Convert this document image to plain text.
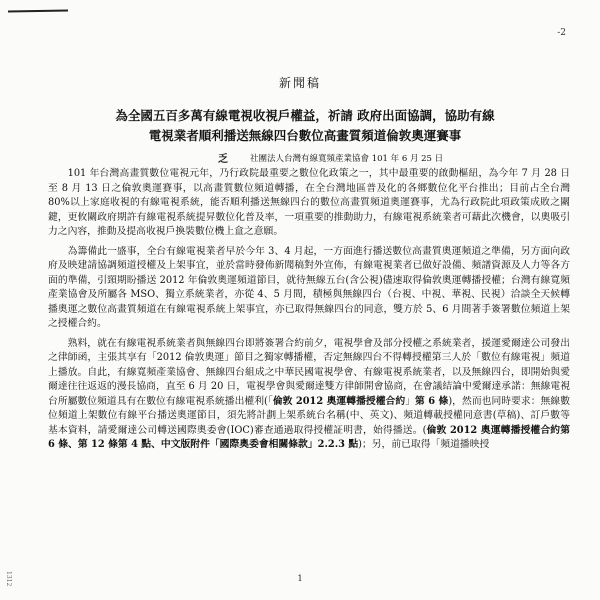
-2
1312
新聞稿
為全國五百多萬有線電視收視戶權益，祈請 政府出面協調，協助有線
電視業者順利播送無線四台數位高畫質頻道倫敦奧運賽事
乏	社團法人台灣有線寬頻產業協會 101 年 6 月 25 日

101 年台灣高畫質數位電視元年，乃行政院最重要之數位化政策之一，其中最重要的啟動樞紐，為今年 7 月 28 日至 8 月 13 日之倫敦奧運賽事，以高畫質數位頻道轉播，在全台灣地區普及化的各鄉數位化平台推出；目前占全台灣 80%以上家庭收視的有線電視系統，能否順利播送無線四台的數位高畫質頻道奧運賽事，尤為行政院此項政策成敗之關鍵，更攸關政府期許有線電視系統提昇數位化普及率，一項重要的推動助力，有線電視系統業者可藉此次機會，以奧吸引力之內容，推動及提高收視戶換裝數位機上盒之意願。

為籌備此一盛事，全台有線電視業者早於今年 3、4 月起，一方面進行播送數位高畫質奧運頻道之準備，另方面向政府及映建請協調頻道授權及上架事宜，並於當時發佈新聞稿對外宣佈，有線電視業者已做好設備、頻譜資源及人力等各方面的準備，引頸期盼播送 2012 年倫敦奧運頻道節目，就待無線五台(含公視)儘速取得倫敦奧運轉播授權；台灣有線寬頻產業協會及所屬各 MSO、獨立系統業者，亦從 4、5 月間，積極與無線四台（台視、中視、華視、民視）洽談全天候轉播奧運之數位高畫質頻道在有線電視系統上架事宜，亦已取得無線四台的同意，雙方於 5、6 月間著手簽署數位頻道上架之授權合約。

熟料，就在有線電視系統業者與無線四台即將簽署合約前夕，電視學會及部分授權之系統業者，援運愛爾達公司發出之律師函，主張其享有「2012 倫敦奧運」節目之獨家轉播權，否定無線四台不得轉授權第三人於「數位有線電視」頻道上播放。自此，有線寬頻產業協會、無線四台組成之中華民國電視學會、有線電視系統業者，以及無線四台，即開始與愛爾達往往返返的漫長協商，直至 6 月 20 日，電視學會與愛爾達雙方律師開會協商，在會議結論中愛爾達承諾：無線電視台所屬數位頻道具有在數位有線電視系統播出權利(「倫敦 2012 奧運轉播授權合約」第 6 條)，然而也同時要求：無線數位頻道上架數位有線平台播送奧運節目，須先將計劃上架系統台名稱(中、英文)、頻道轉載授權同意書(草稿)、訂戶數等基本資料，請愛爾達公司轉送國際奧委會(IOC)審查通過取得授權証明書，始得播送。(倫敦 2012 奧運轉播授權合約第 6 條、第 12 條第 4 點、中文版附件「國際奧委會相關條款」2.2.3 點)；另，前已取得「頻道播映授

1
